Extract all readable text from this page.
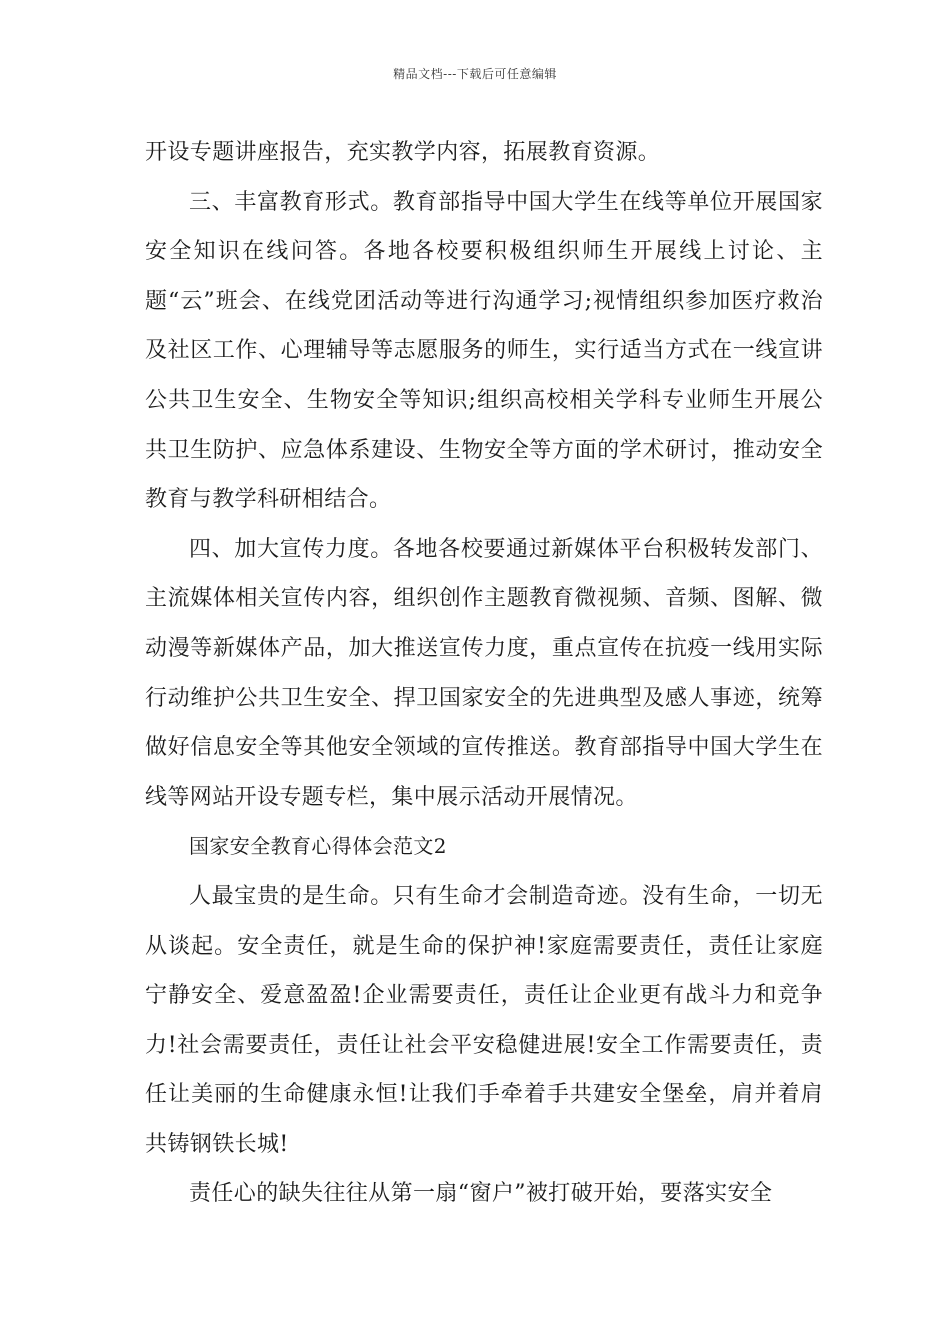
精品文档---下载后可任意编辑

开设专题讲座报告，充实教学内容，拓展教育资源。

三、丰富教育形式。教育部指导中国大学生在线等单位开展国家安全知识在线问答。各地各校要积极组织师生开展线上讨论、主题“云”班会、在线党团活动等进行沟通学习;视情组织参加医疗救治及社区工作、心理辅导等志愿服务的师生，实行适当方式在一线宣讲公共卫生安全、生物安全等知识;组织高校相关学科专业师生开展公共卫生防护、应急体系建设、生物安全等方面的学术研讨，推动安全教育与教学科研相结合。

四、加大宣传力度。各地各校要通过新媒体平台积极转发部门、主流媒体相关宣传内容，组织创作主题教育微视频、音频、图解、微动漫等新媒体产品，加大推送宣传力度，重点宣传在抗疫一线用实际行动维护公共卫生安全、捍卫国家安全的先进典型及感人事迹，统筹做好信息安全等其他安全领域的宣传推送。教育部指导中国大学生在线等网站开设专题专栏，集中展示活动开展情况。

国家安全教育心得体会范文2

人最宝贵的是生命。只有生命才会制造奇迹。没有生命，一切无从谈起。安全责任，就是生命的保护神!家庭需要责任，责任让家庭宁静安全、爱意盈盈!企业需要责任，责任让企业更有战斗力和竞争力!社会需要责任，责任让社会平安稳健进展!安全工作需要责任，责任让美丽的生命健康永恒!让我们手牵着手共建安全堡垒，肩并着肩共铸钢铁长城!

责任心的缺失往往从第一扇“窗户”被打破开始，要落实安全
